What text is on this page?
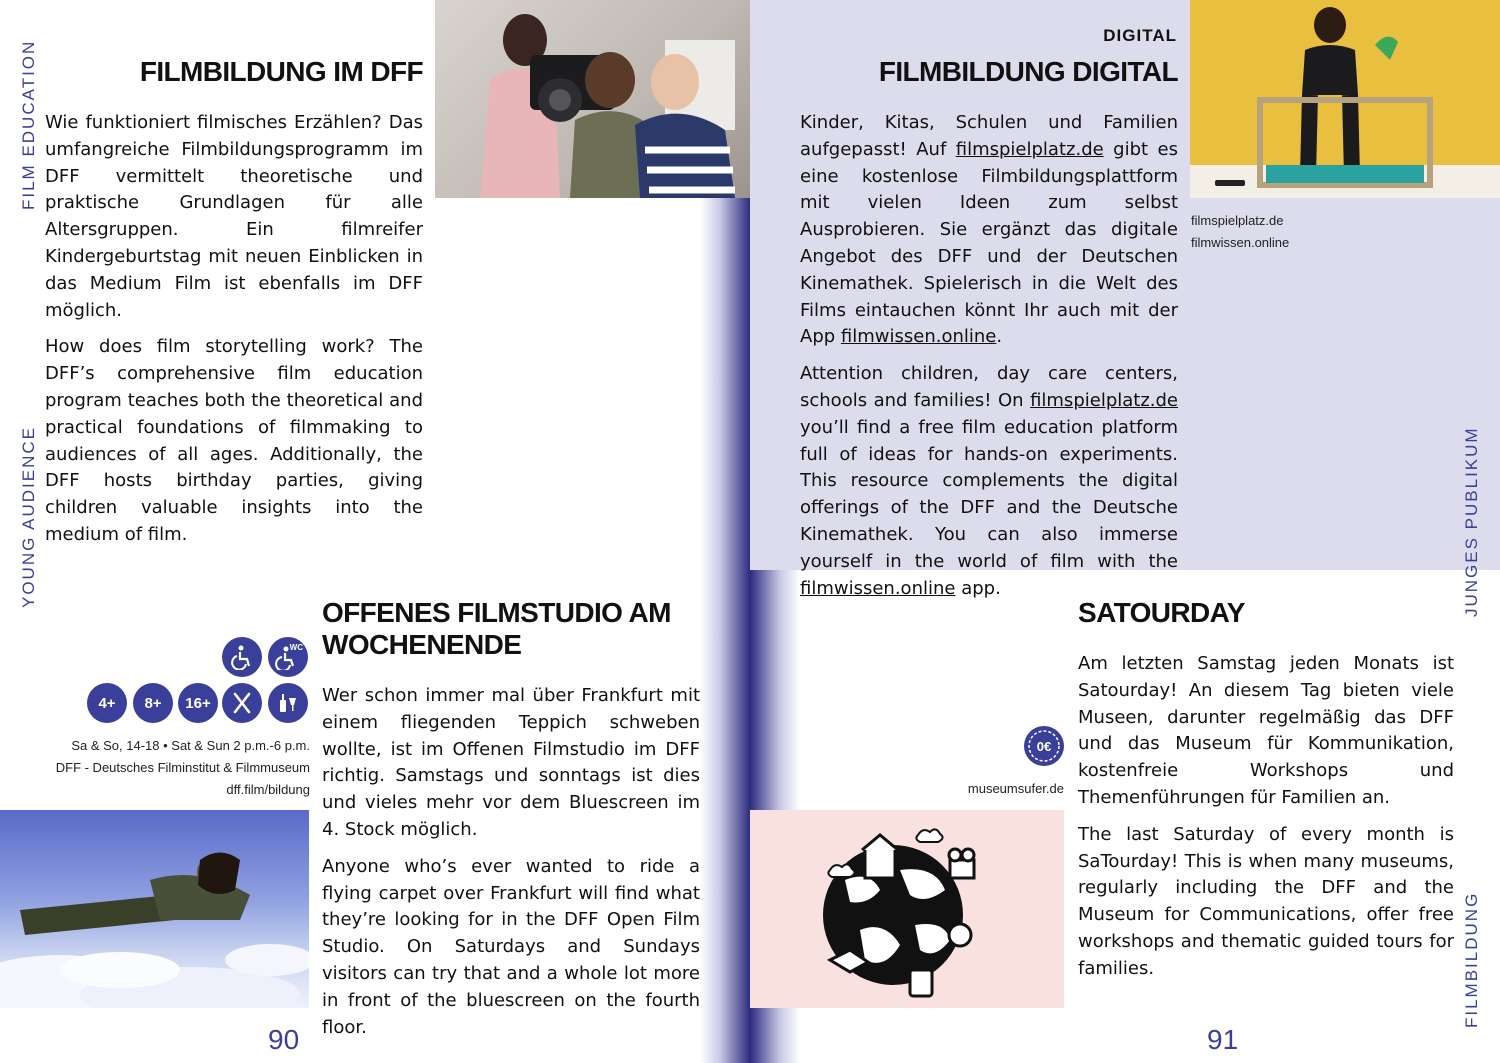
FILM EDUCATION
YOUNG AUDIENCE
FILMBILDUNG IM DFF

Wie funktioniert filmisches Erzählen? Das umfangreiche Filmbildungsprogramm im DFF vermittelt theoretische und praktische Grundlagen für alle Altersgruppen. Ein filmreifer Kindergeburtstag mit neuen Einblicken in das Medium Film ist ebenfalls im DFF möglich.

How does film storytelling work? The DFF’s comprehensive film education program teaches both the theoretical and practical foundations of filmmaking to audiences of all ages. Additionally, the DFF hosts birthday parties, giving children valuable insights into the medium of film.

OFFENES FILMSTUDIO AM
WOCHENENDE

Wer schon immer mal über Frankfurt mit einem fliegenden Teppich schweben wollte, ist im Offenen Filmstudio im DFF richtig. Samstags und sonntags ist dies und vieles mehr vor dem Bluescreen im 4. Stock möglich.

Anyone who’s ever wanted to ride a flying carpet over Frankfurt will find what they’re looking for in the DFF Open Film Studio. On Saturdays and Sundays visitors can try that and a whole lot more in front of the bluescreen on the fourth floor.

WC
4+	8+	16+
Sa & So, 14-18 • Sat & Sun 2 p.m.-6 p.m.
DFF - Deutsches Filminstitut & Filmmuseum
dff.film/bildung
90
DIGITAL
FILMBILDUNG DIGITAL

Kinder, Kitas, Schulen und Familien aufgepasst! Auf filmspielplatz.de gibt es eine kostenlose Filmbildungsplattform mit vielen Ideen zum selbst Ausprobieren. Sie ergänzt das digitale Angebot des DFF und der Deutschen Kinemathek. Spielerisch in die Welt des Films eintauchen könnt Ihr auch mit der App filmwissen.online.

Attention children, day care centers, schools and families! On filmspielplatz.de you’ll find a free film education platform full of ideas for hands-on experiments. This resource complements the digital offerings of the DFF and the Deutsche Kinemathek. You can also immerse yourself in the world of film with the filmwissen.online app.

filmspielplatz.de
filmwissen.online
JUNGES PUBLIKUM
FILMBILDUNG
SATOURDAY

Am letzten Samstag jeden Monats ist Satourday! An diesem Tag bieten viele Museen, darunter regelmäßig das DFF und das Museum für Kommunikation, kostenfreie Workshops und Themenführungen für Familien an.

The last Saturday of every month is SaTourday! This is when many museums, regularly including the DFF and the Museum for Communications, offer free workshops and thematic guided tours for families.

0€
museumsufer.de
91
